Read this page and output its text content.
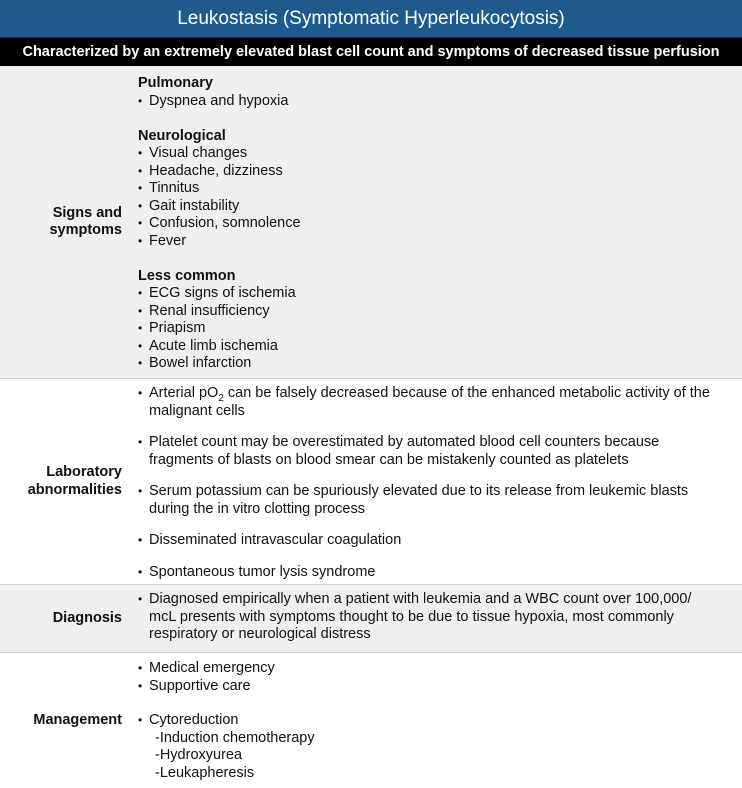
Leukostasis (Symptomatic Hyperleukocytosis)
Characterized by an extremely elevated blast cell count and symptoms of decreased tissue perfusion
Signs and
symptoms
Pulmonary
• Dyspnea and hypoxia
Neurological
• Visual changes
• Headache, dizziness
• Tinnitus
• Gait instability
• Confusion, somnolence
• Fever
Less common
• ECG signs of ischemia
• Renal insufficiency
• Priapism
• Acute limb ischemia
• Bowel infarction
Laboratory
abnormalities
• Arterial $pO_2$ can be falsely decreased because of the enhanced metabolic activity of the
malignant cells
• Platelet count may be overestimated by automated blood cell counters because
fragments of blasts on blood smear can be mistakenly counted as platelets
• Serum potassium can be spuriously elevated due to its release from leukemic blasts
during the in vitro clotting process
• Disseminated intravascular coagulation
• Spontaneous tumor lysis syndrome
Diagnosis
• Diagnosed empirically when a patient with leukemia and a WBC count over 100,000/
mcL presents with symptoms thought to be due to tissue hypoxia, most commonly
respiratory or neurological distress
Management
• Medical emergency
• Supportive care
• Cytoreduction
-Induction chemotherapy
-Hydroxyurea
-Leukapheresis
